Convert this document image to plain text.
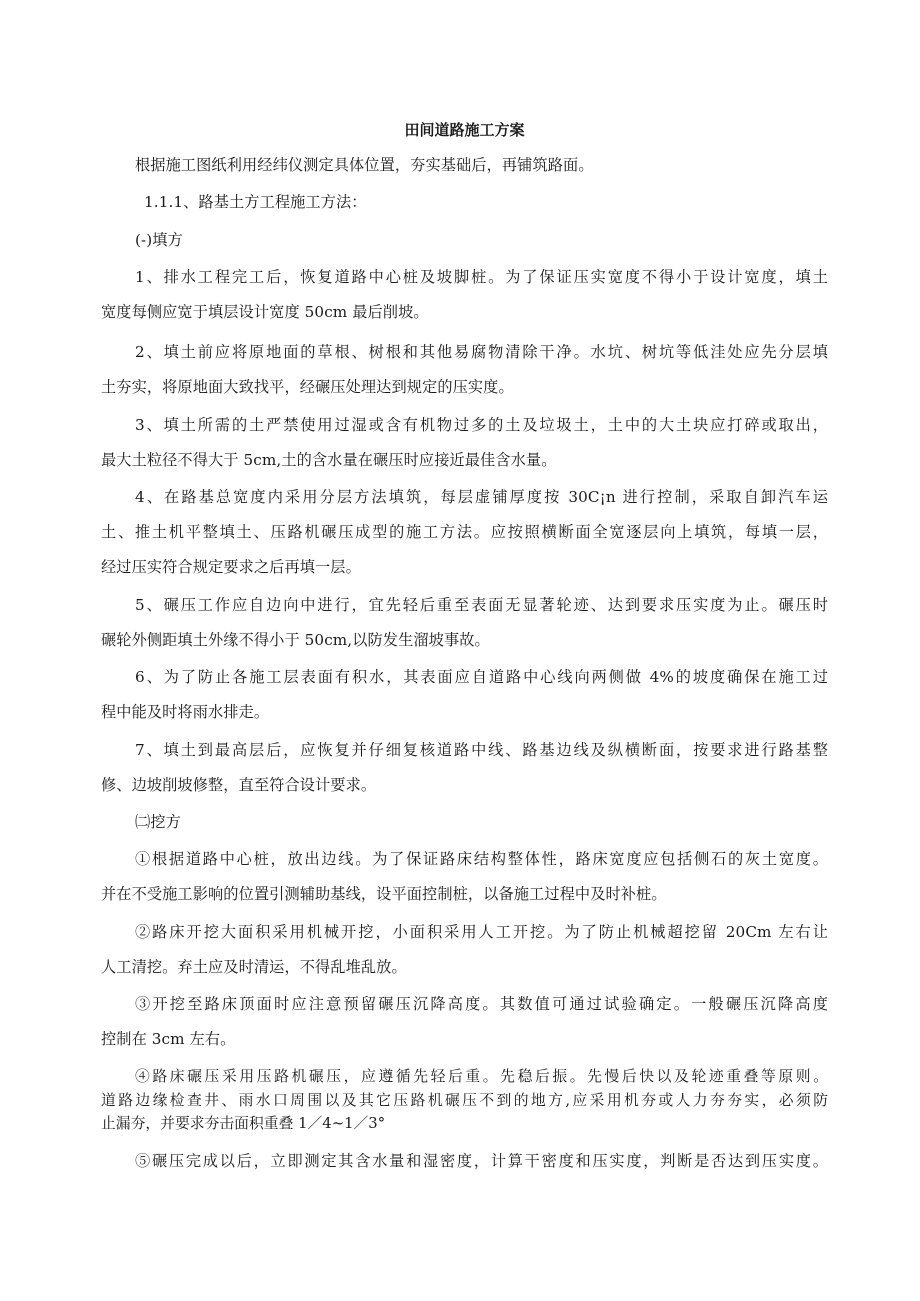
田间道路施工方案
根据施工图纸利用经纬仪测定具体位置，夯实基础后，再铺筑路面。
1.1.1、路基土方工程施工方法：
(-)填方
1、排水工程完工后，恢复道路中心桩及坡脚桩。为了保证压实宽度不得小于设计宽度，填土
宽度每侧应宽于填层设计宽度 50cm 最后削坡。
2、填土前应将原地面的草根、树根和其他易腐物清除干净。水坑、树坑等低洼处应先分层填
土夯实，将原地面大致找平，经碾压处理达到规定的压实度。
3、填土所需的土严禁使用过湿或含有机物过多的土及垃圾土，土中的大土块应打碎或取出，
最大土粒径不得大于 5cm,土的含水量在碾压时应接近最佳含水量。
4、在路基总宽度内采用分层方法填筑，每层虚铺厚度按 30C¡n 进行控制，采取自卸汽车运
土、推土机平整填土、压路机碾压成型的施工方法。应按照横断面全宽逐层向上填筑，每填一层，
经过压实符合规定要求之后再填一层。
5、碾压工作应自边向中进行，宜先轻后重至表面无显著轮迹、达到要求压实度为止。碾压时
碾轮外侧距填土外缘不得小于 50cm,以防发生溜坡事故。
6、为了防止各施工层表面有积水，其表面应自道路中心线向两侧做 4%的坡度确保在施工过
程中能及时将雨水排走。
7、填土到最高层后，应恢复并仔细复核道路中线、路基边线及纵横断面，按要求进行路基整
修、边坡削坡修整，直至符合设计要求。
㈡挖方
①根据道路中心桩，放出边线。为了保证路床结构整体性，路床宽度应包括侧石的灰土宽度。
并在不受施工影响的位置引测辅助基线，设平面控制桩，以备施工过程中及时补桩。
②路床开挖大面积采用机械开挖，小面积采用人工开挖。为了防止机械超挖留 20Cm 左右让
人工清挖。弃土应及时清运，不得乱堆乱放。
③开挖至路床顶面时应注意预留碾压沉降高度。其数值可通过试验确定。一般碾压沉降高度
控制在 3cm 左右。
④路床碾压采用压路机碾压，应遵循先轻后重。先稳后振。先慢后快以及轮迹重叠等原则。
道路边缘检查井、雨水口周围以及其它压路机碾压不到的地方,应采用机夯或人力夯夯实，必须防
止漏夯，并要求夯击面积重叠 1／4~1／3°
⑤碾压完成以后，立即测定其含水量和湿密度，计算干密度和压实度，判断是否达到压实度。
